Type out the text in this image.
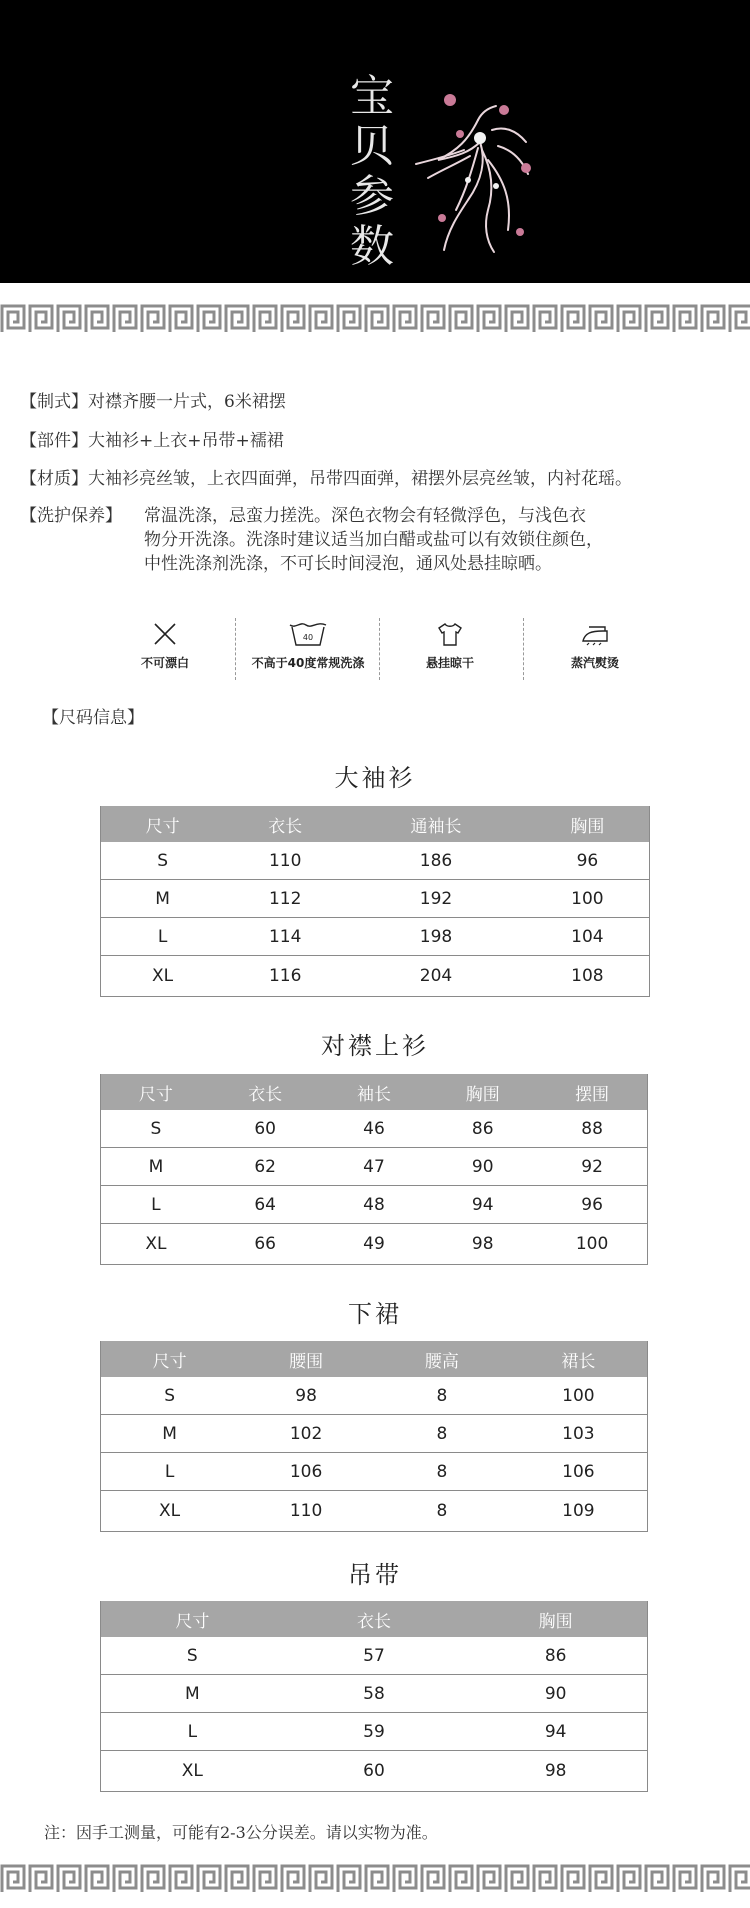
宝
贝
参
数
【制式】对襟齐腰一片式，6米裙摆
【部件】大袖衫+上衣+吊带+襦裙
【材质】大袖衫亮丝皱，上衣四面弹，吊带四面弹，裙摆外层亮丝皱，内衬花瑶。
【洗护保养】 常温洗涤，忌蛮力搓洗。深色衣物会有轻微浮色，与浅色衣
物分开洗涤。洗涤时建议适当加白醋或盐可以有效锁住颜色，
中性洗涤剂洗涤，不可长时间浸泡，通风处悬挂晾晒。
不可漂白
40
不高于40度常规洗涤	悬挂晾干	蒸汽熨烫
【尺码信息】
大袖衫
尺寸	衣长	通袖长	胸围
S	110	186	96
M	112	192	100
L	114	198	104
XL	116	204	108
对襟上衫
尺寸	衣长	袖长	胸围	摆围
S	60	46	86	88
M	62	47	90	92
L	64	48	94	96
XL	66	49	98	100
下裙
尺寸	腰围	腰高	裙长
S	98	8	100
M	102	8	103
L	106	8	106
XL	110	8	109
吊带
尺寸	衣长	胸围
S	57	86
M	58	90
L	59	94
XL	60	98
注：因手工测量，可能有2-3公分误差。请以实物为准。
